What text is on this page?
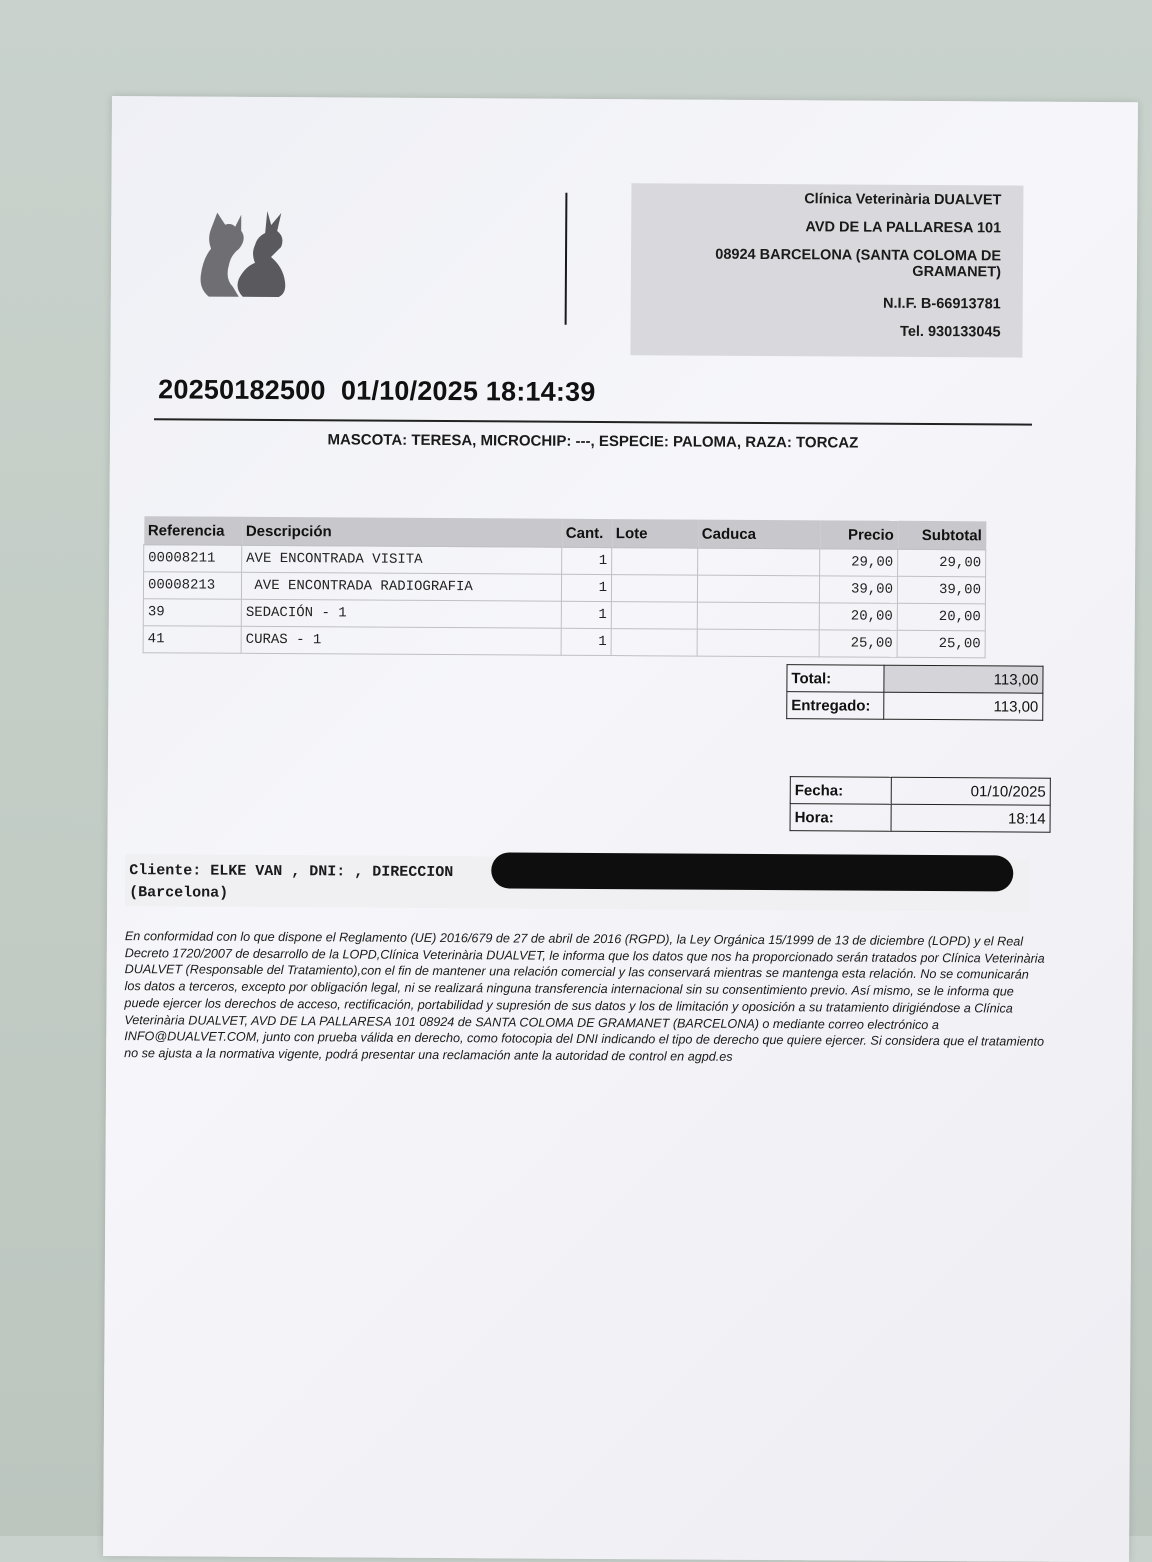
Clínica Veterinària DUALVET
AVD DE LA PALLARESA 101
08924 BARCELONA (SANTA COLOMA DE GRAMANET)
N.I.F. B-66913781
Tel. 930133045
20250182500  01/10/2025 18:14:39
MASCOTA: TERESA, MICROCHIP: ---, ESPECIE: PALOMA, RAZA: TORCAZ
Referencia	Descripción	Cant.	Lote	Caduca	Precio	Subtotal
00008211	AVE ENCONTRADA VISITA	1			29,00	29,00
00008213	AVE ENCONTRADA RADIOGRAFIA	1			39,00	39,00
39	SEDACIÓN - 1	1			20,00	20,00
41	CURAS - 1	1			25,00	25,00
Total:	113,00
Entregado:	113,00
Fecha:	01/10/2025
Hora:	18:14
Cliente: ELKE VAN , DNI: , DIRECCION
(Barcelona)
En conformidad con lo que dispone el Reglamento (UE) 2016/679 de 27 de abril de 2016 (RGPD), la Ley Orgánica 15/1999 de 13 de diciembre (LOPD) y el Real Decreto 1720/2007 de desarrollo de la LOPD,Clínica Veterinària DUALVET, le informa que los datos que nos ha proporcionado serán tratados por Clínica Veterinària DUALVET (Responsable del Tratamiento),con el fin de mantener una relación comercial y las conservará mientras se mantenga esta relación. No se comunicarán los datos a terceros, excepto por obligación legal, ni se realizará ninguna transferencia internacional sin su consentimiento previo. Así mismo, se le informa que puede ejercer los derechos de acceso, rectificación, portabilidad y supresión de sus datos y los de limitación y oposición a su tratamiento dirigiéndose a Clínica Veterinària DUALVET, AVD DE LA PALLARESA 101 08924 de SANTA COLOMA DE GRAMANET (BARCELONA) o mediante correo electrónico a INFO@DUALVET.COM, junto con prueba válida en derecho, como fotocopia del DNI indicando el tipo de derecho que quiere ejercer. Si considera que el tratamiento no se ajusta a la normativa vigente, podrá presentar una reclamación ante la autoridad de control en agpd.es
